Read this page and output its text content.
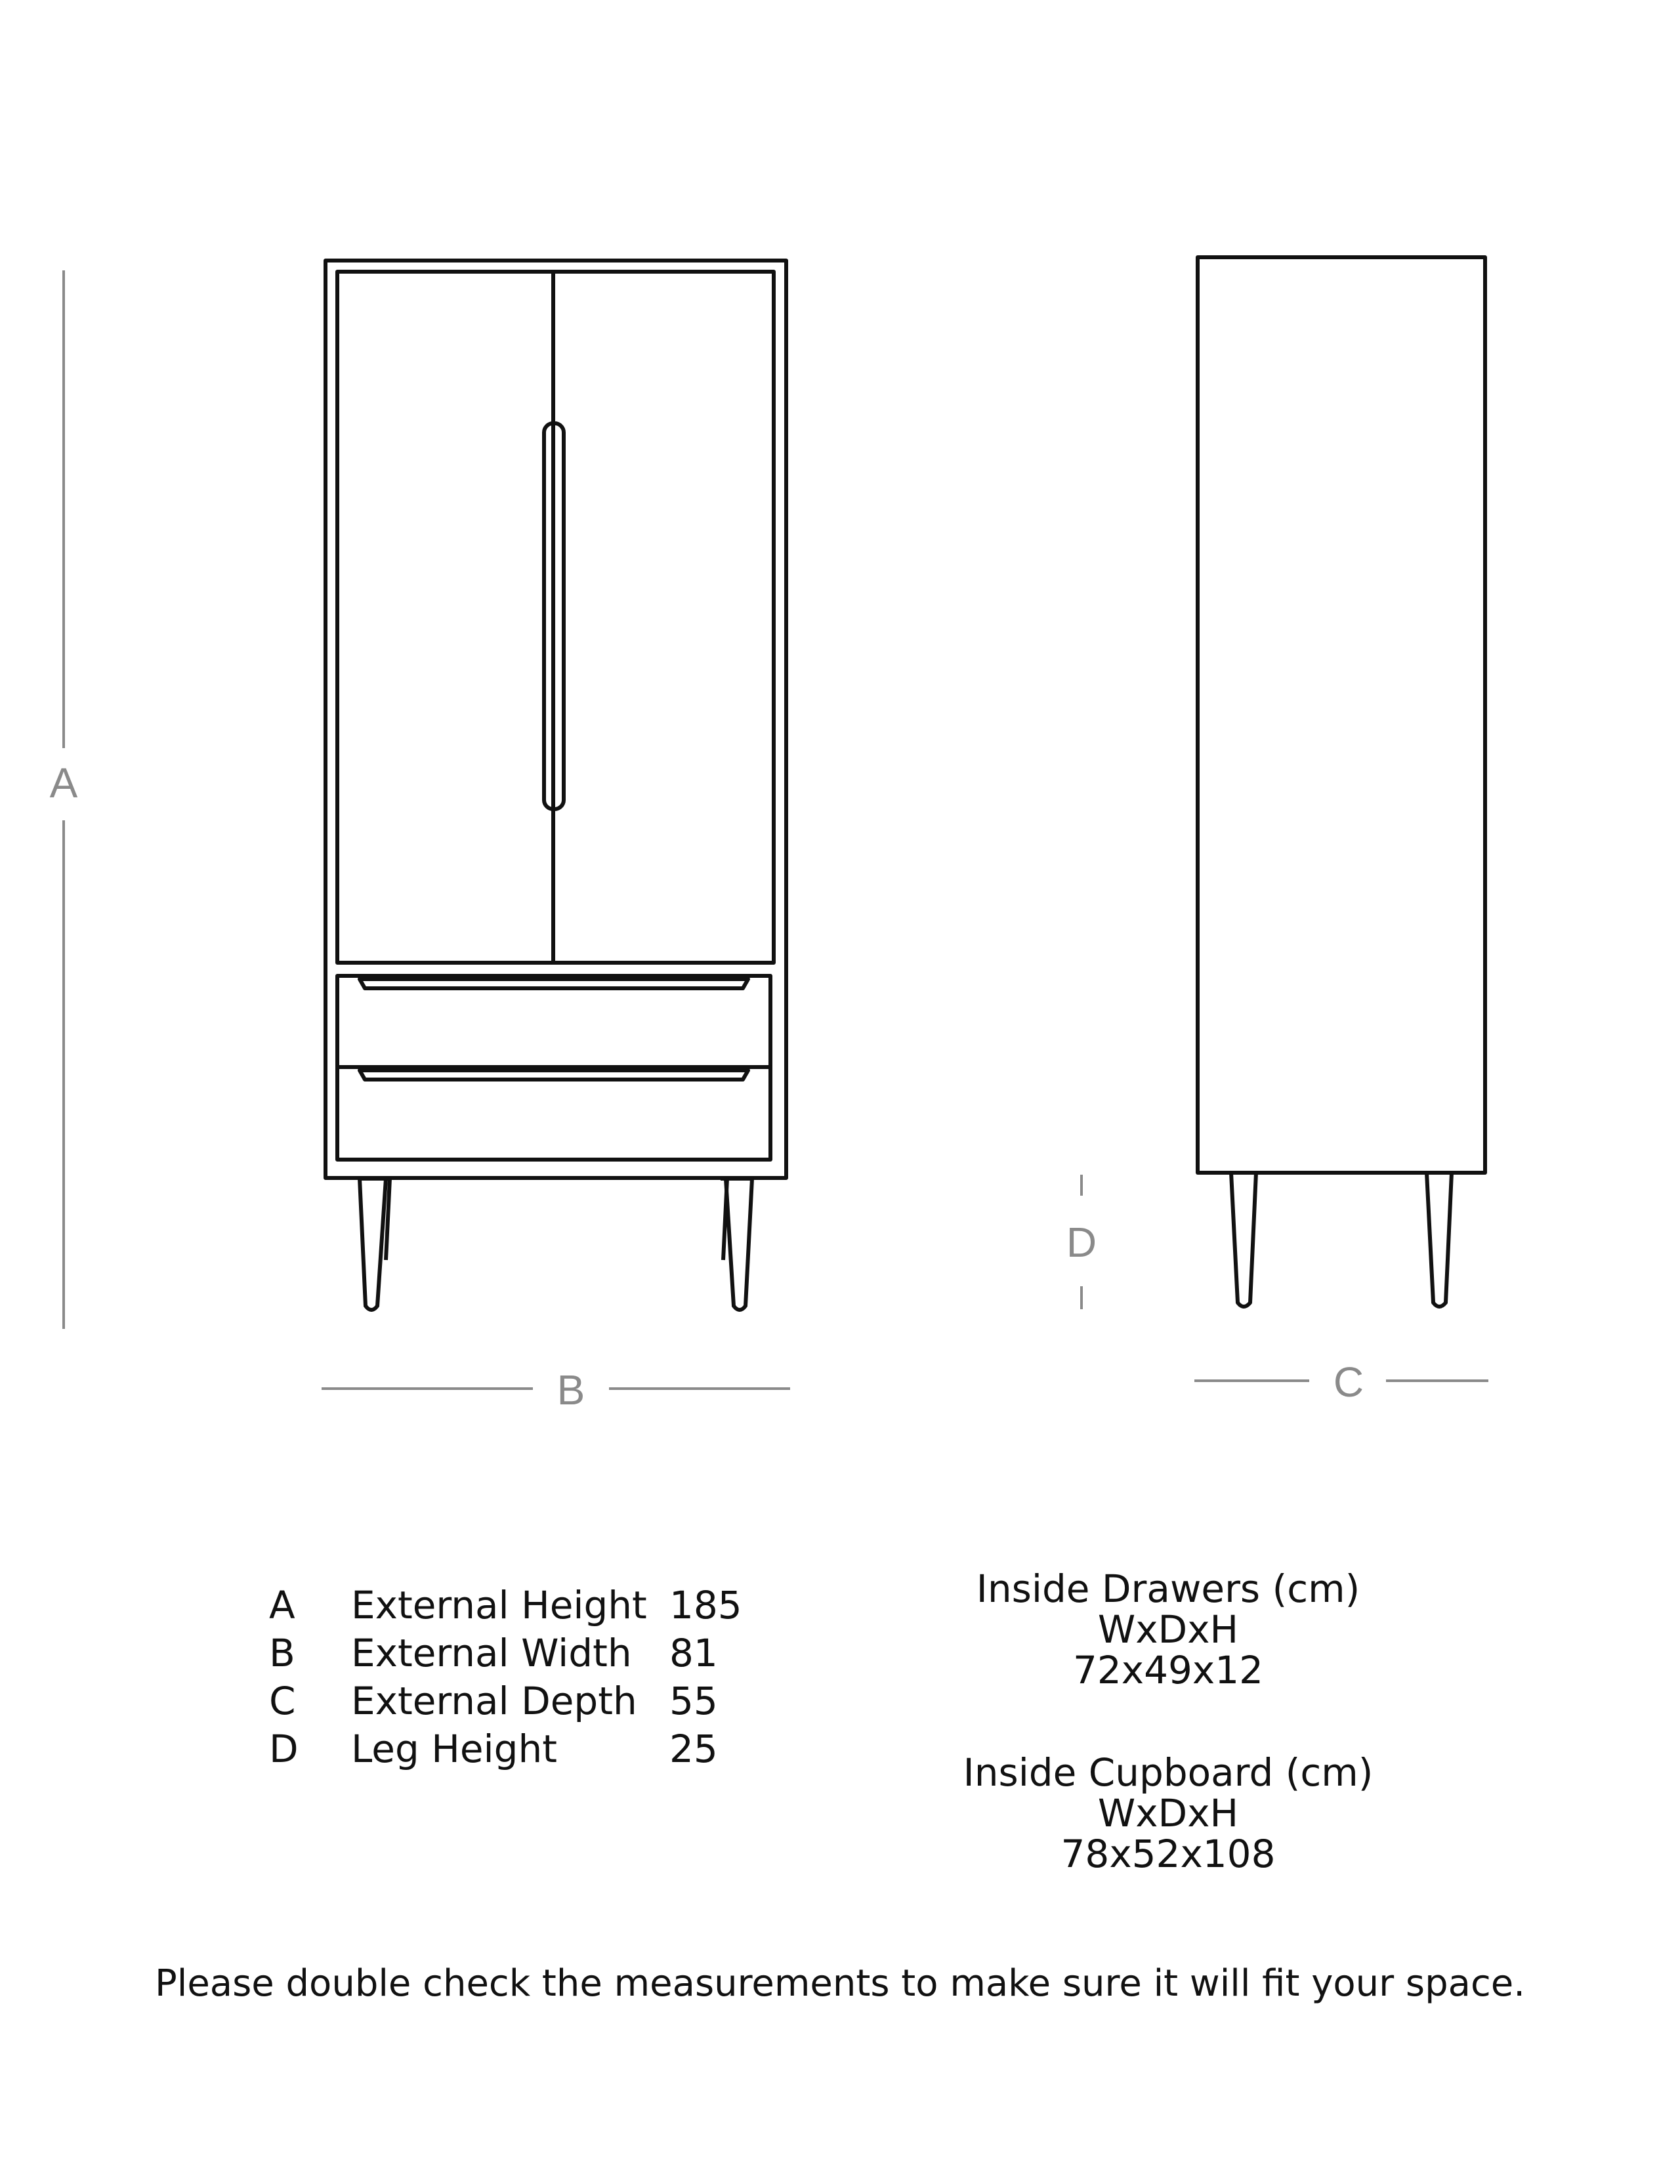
A
B
D
C
A	External Height 185
B	External Width 81
C	External Depth 55
D	Leg Height	25
Inside Drawers (cm)
WxDxH
72x49x12
Inside Cupboard (cm)
WxDxH
78x52x108
Please double check the measurements to make sure it will fit your space.
